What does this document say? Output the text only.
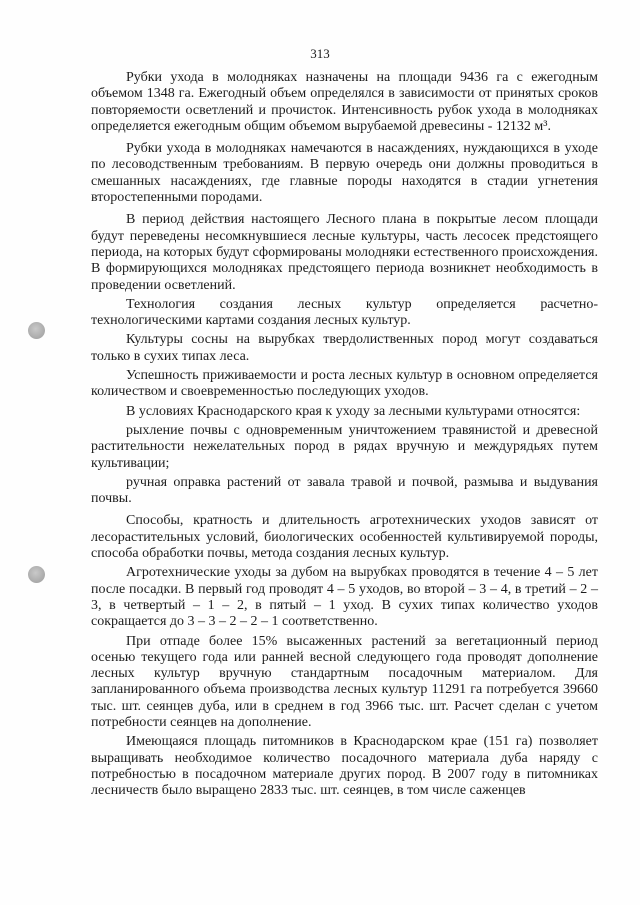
313

Рубки ухода в молодняках назначены на площади 9436 га с ежегодным объемом 1348 га. Ежегодный объем определялся в зависимости от принятых сроков повторяемости осветлений и прочисток. Интенсивность рубок ухода в молодняках определяется ежегодным общим объемом вырубаемой древесины - 12132 м³.

Рубки ухода в молодняках намечаются в насаждениях, нуждающихся в уходе по лесоводственным требованиям. В первую очередь они должны проводиться в смешанных насаждениях, где главные породы находятся в стадии угнетения второстепенными породами.

В период действия настоящего Лесного плана в покрытые лесом площади будут переведены несомкнувшиеся лесные культуры, часть лесосек предстоящего периода, на которых будут сформированы молодняки естественного происхождения. В формирующихся молодняках предстоящего периода возникнет необходимость в проведении осветлений.

Технология создания лесных культур определяется расчетно-технологическими картами создания лесных культур.

Культуры сосны на вырубках твердолиственных пород могут создаваться только в сухих типах леса.

Успешность приживаемости и роста лесных культур в основном определяется количеством и своевременностью последующих уходов.

В условиях Краснодарского края к уходу за лесными культурами относятся:

рыхление почвы с одновременным уничтожением травянистой и древесной растительности нежелательных пород в рядах вручную и междурядьях путем культивации;

ручная оправка растений от завала травой и почвой, размыва и выдувания почвы.

Способы, кратность и длительность агротехнических уходов зависят от лесорастительных условий, биологических особенностей культивируемой породы, способа обработки почвы, метода создания лесных культур.

Агротехнические уходы за дубом на вырубках проводятся в течение 4 – 5 лет после посадки. В первый год проводят 4 – 5 уходов, во второй – 3 – 4, в третий – 2 – 3, в четвертый – 1 – 2, в пятый – 1 уход. В сухих типах количество уходов сокращается до 3 – 3 – 2 – 2 – 1 соответственно.

При отпаде более 15% высаженных растений за вегетационный период осенью текущего года или ранней весной следующего года проводят дополнение лесных культур вручную стандартным посадочным материалом. Для запланированного объема производства лесных культур 11291 га потребуется 39660 тыс. шт. сеянцев дуба, или в среднем в год 3966 тыс. шт. Расчет сделан с учетом потребности сеянцев на дополнение.

Имеющаяся площадь питомников в Краснодарском крае (151 га) позволяет выращивать необходимое количество посадочного материала дуба наряду с потребностью в посадочном материале других пород. В 2007 году в питомниках лесничеств было выращено 2833 тыс. шт. сеянцев, в том числе саженцев
